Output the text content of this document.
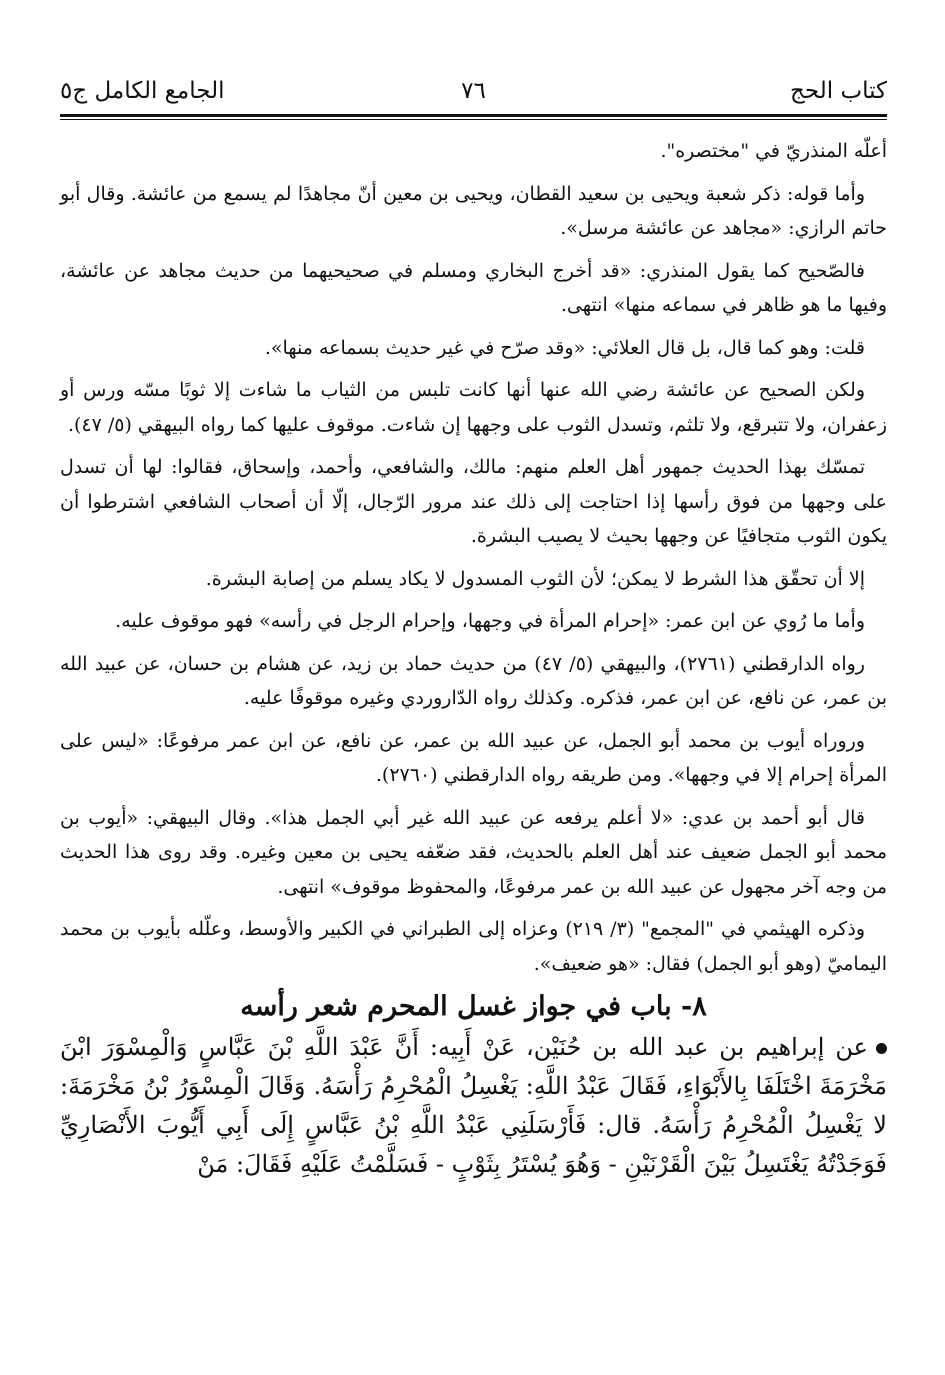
كتاب الحج
٧٦
الجامع الكامل ج٥

أعلّه المنذريّ في "مختصره".

وأما قوله: ذكر شعبة ويحيى بن سعيد القطان، ويحيى بن معين أنّ مجاهدًا لم يسمع من عائشة. وقال أبو حاتم الرازي: «مجاهد عن عائشة مرسل».

فالصّحيح كما يقول المنذري: «قد أخرج البخاري ومسلم في صحيحيهما من حديث مجاهد عن عائشة، وفيها ما هو ظاهر في سماعه منها» انتهى.

قلت: وهو كما قال، بل قال العلائي: «وقد صرّح في غير حديث بسماعه منها».

ولكن الصحيح عن عائشة رضي الله عنها أنها كانت تلبس من الثياب ما شاءت إلا ثوبًا مسّه ورس أو زعفران، ولا تتبرقع، ولا تلثم، وتسدل الثوب على وجهها إن شاءت. موقوف عليها كما رواه البيهقي (٥/ ٤٧).

تمسّك بهذا الحديث جمهور أهل العلم منهم: مالك، والشافعي، وأحمد، وإسحاق، فقالوا: لها أن تسدل على وجهها من فوق رأسها إذا احتاجت إلى ذلك عند مرور الرّجال، إلّا أن أصحاب الشافعي اشترطوا أن يكون الثوب متجافيًا عن وجهها بحيث لا يصيب البشرة.

إلا أن تحقّق هذا الشرط لا يمكن؛ لأن الثوب المسدول لا يكاد يسلم من إصابة البشرة.

وأما ما رُوي عن ابن عمر: «إحرام المرأة في وجهها، وإحرام الرجل في رأسه» فهو موقوف عليه.

رواه الدارقطني (٢٧٦١)، والبيهقي (٥/ ٤٧) من حديث حماد بن زيد، عن هشام بن حسان، عن عبيد الله بن عمر، عن نافع، عن ابن عمر، فذكره. وكذلك رواه الدّاروردي وغيره موقوفًا عليه.

وروراه أيوب بن محمد أبو الجمل، عن عبيد الله بن عمر، عن نافع، عن ابن عمر مرفوعًا: «ليس على المرأة إحرام إلا في وجهها». ومن طريقه رواه الدارقطني (٢٧٦٠).

قال أبو أحمد بن عدي: «لا أعلم يرفعه عن عبيد الله غير أبي الجمل هذا». وقال البيهقي: «أيوب بن محمد أبو الجمل ضعيف عند أهل العلم بالحديث، فقد ضعّفه يحيى بن معين وغيره. وقد روى هذا الحديث من وجه آخر مجهول عن عبيد الله بن عمر مرفوعًا، والمحفوظ موقوف» انتهى.

وذكره الهيثمي في "المجمع" (٣/ ٢١٩) وعزاه إلى الطبراني في الكبير والأوسط، وعلّله بأيوب بن محمد اليماميّ (وهو أبو الجمل) فقال: «هو ضعيف».

٨- باب في جواز غسل المحرم شعر رأسه
عن إبراهيم بن عبد الله بن حُنَيْن، عَنْ أَبِيه: أَنَّ عَبْدَ اللَّهِ بْنَ عَبَّاسٍ وَالْمِسْوَرَ ابْنَ مَخْرَمَةَ اخْتَلَفَا بِالأَبْوَاءِ، فَقَالَ عَبْدُ اللَّهِ: يَغْسِلُ الْمُحْرِمُ رَأْسَهُ. وَقَالَ الْمِسْوَرُ بْنُ مَخْرَمَةَ: لا يَغْسِلُ الْمُحْرِمُ رَأْسَهُ. قال: فَأَرْسَلَنِي عَبْدُ اللَّهِ بْنُ عَبَّاسٍ إِلَى أَبِي أَيُّوبَ الأَنْصَارِيِّ فَوَجَدْتُهُ يَغْتَسِلُ بَيْنَ الْقَرْنَيْنِ - وَهُوَ يُسْتَرُ بِثَوْبٍ - فَسَلَّمْتُ عَلَيْهِ فَقَالَ: مَنْ
